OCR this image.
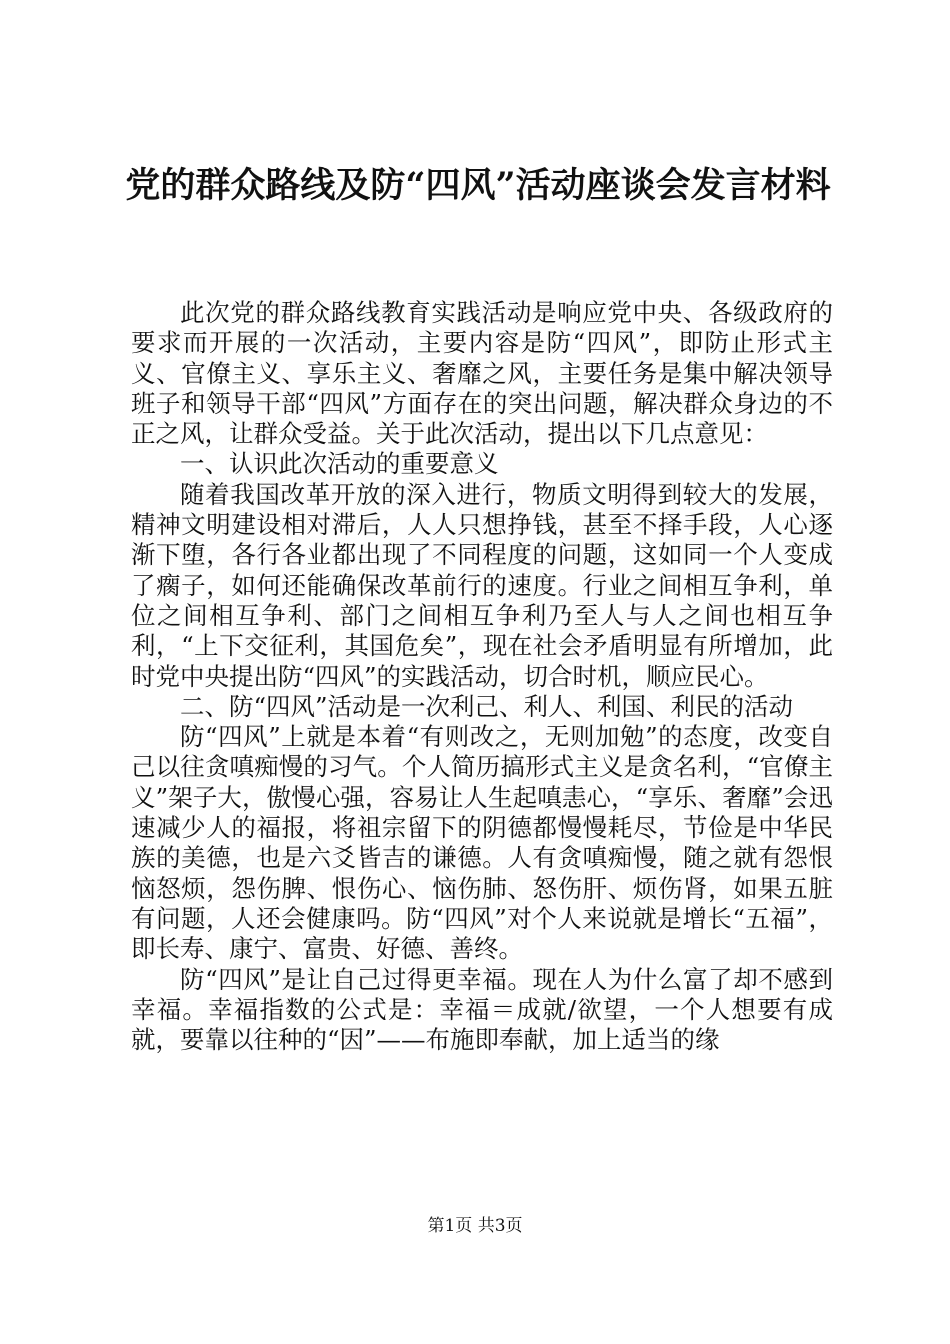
党的群众路线及防“四风”活动座谈会发言材料

此次党的群众路线教育实践活动是响应党中央、各级政府的要求而开展的一次活动，主要内容是防“四风”，即防止形式主义、官僚主义、享乐主义、奢靡之风，主要任务是集中解决领导班子和领导干部“四风”方面存在的突出问题，解决群众身边的不正之风，让群众受益。关于此次活动，提出以下几点意见：

一、认识此次活动的重要意义

随着我国改革开放的深入进行，物质文明得到较大的发展，精神文明建设相对滞后，人人只想挣钱，甚至不择手段，人心逐渐下堕，各行各业都出现了不同程度的问题，这如同一个人变成了瘸子，如何还能确保改革前行的速度。行业之间相互争利，单位之间相互争利、部门之间相互争利乃至人与人之间也相互争利，“上下交征利，其国危矣”，现在社会矛盾明显有所增加，此时党中央提出防“四风”的实践活动，切合时机，顺应民心。

二、防“四风”活动是一次利己、利人、利国、利民的活动

防“四风”上就是本着“有则改之，无则加勉”的态度，改变自己以往贪嗔痴慢的习气。个人简历搞形式主义是贪名利，“官僚主义”架子大，傲慢心强，容易让人生起嗔恚心，“享乐、奢靡”会迅速减少人的福报，将祖宗留下的阴德都慢慢耗尽，节俭是中华民族的美德，也是六爻皆吉的谦德。人有贪嗔痴慢，随之就有怨恨恼怒烦，怨伤脾、恨伤心、恼伤肺、怒伤肝、烦伤肾，如果五脏有问题，人还会健康吗。防“四风”对个人来说就是增长“五福”，即长寿、康宁、富贵、好德、善终。

防“四风”是让自己过得更幸福。现在人为什么富了却不感到幸福。幸福指数的公式是：幸福＝成就/欲望，一个人想要有成就，要靠以往种的“因”——布施即奉献，加上适当的缘

第1页 共3页
